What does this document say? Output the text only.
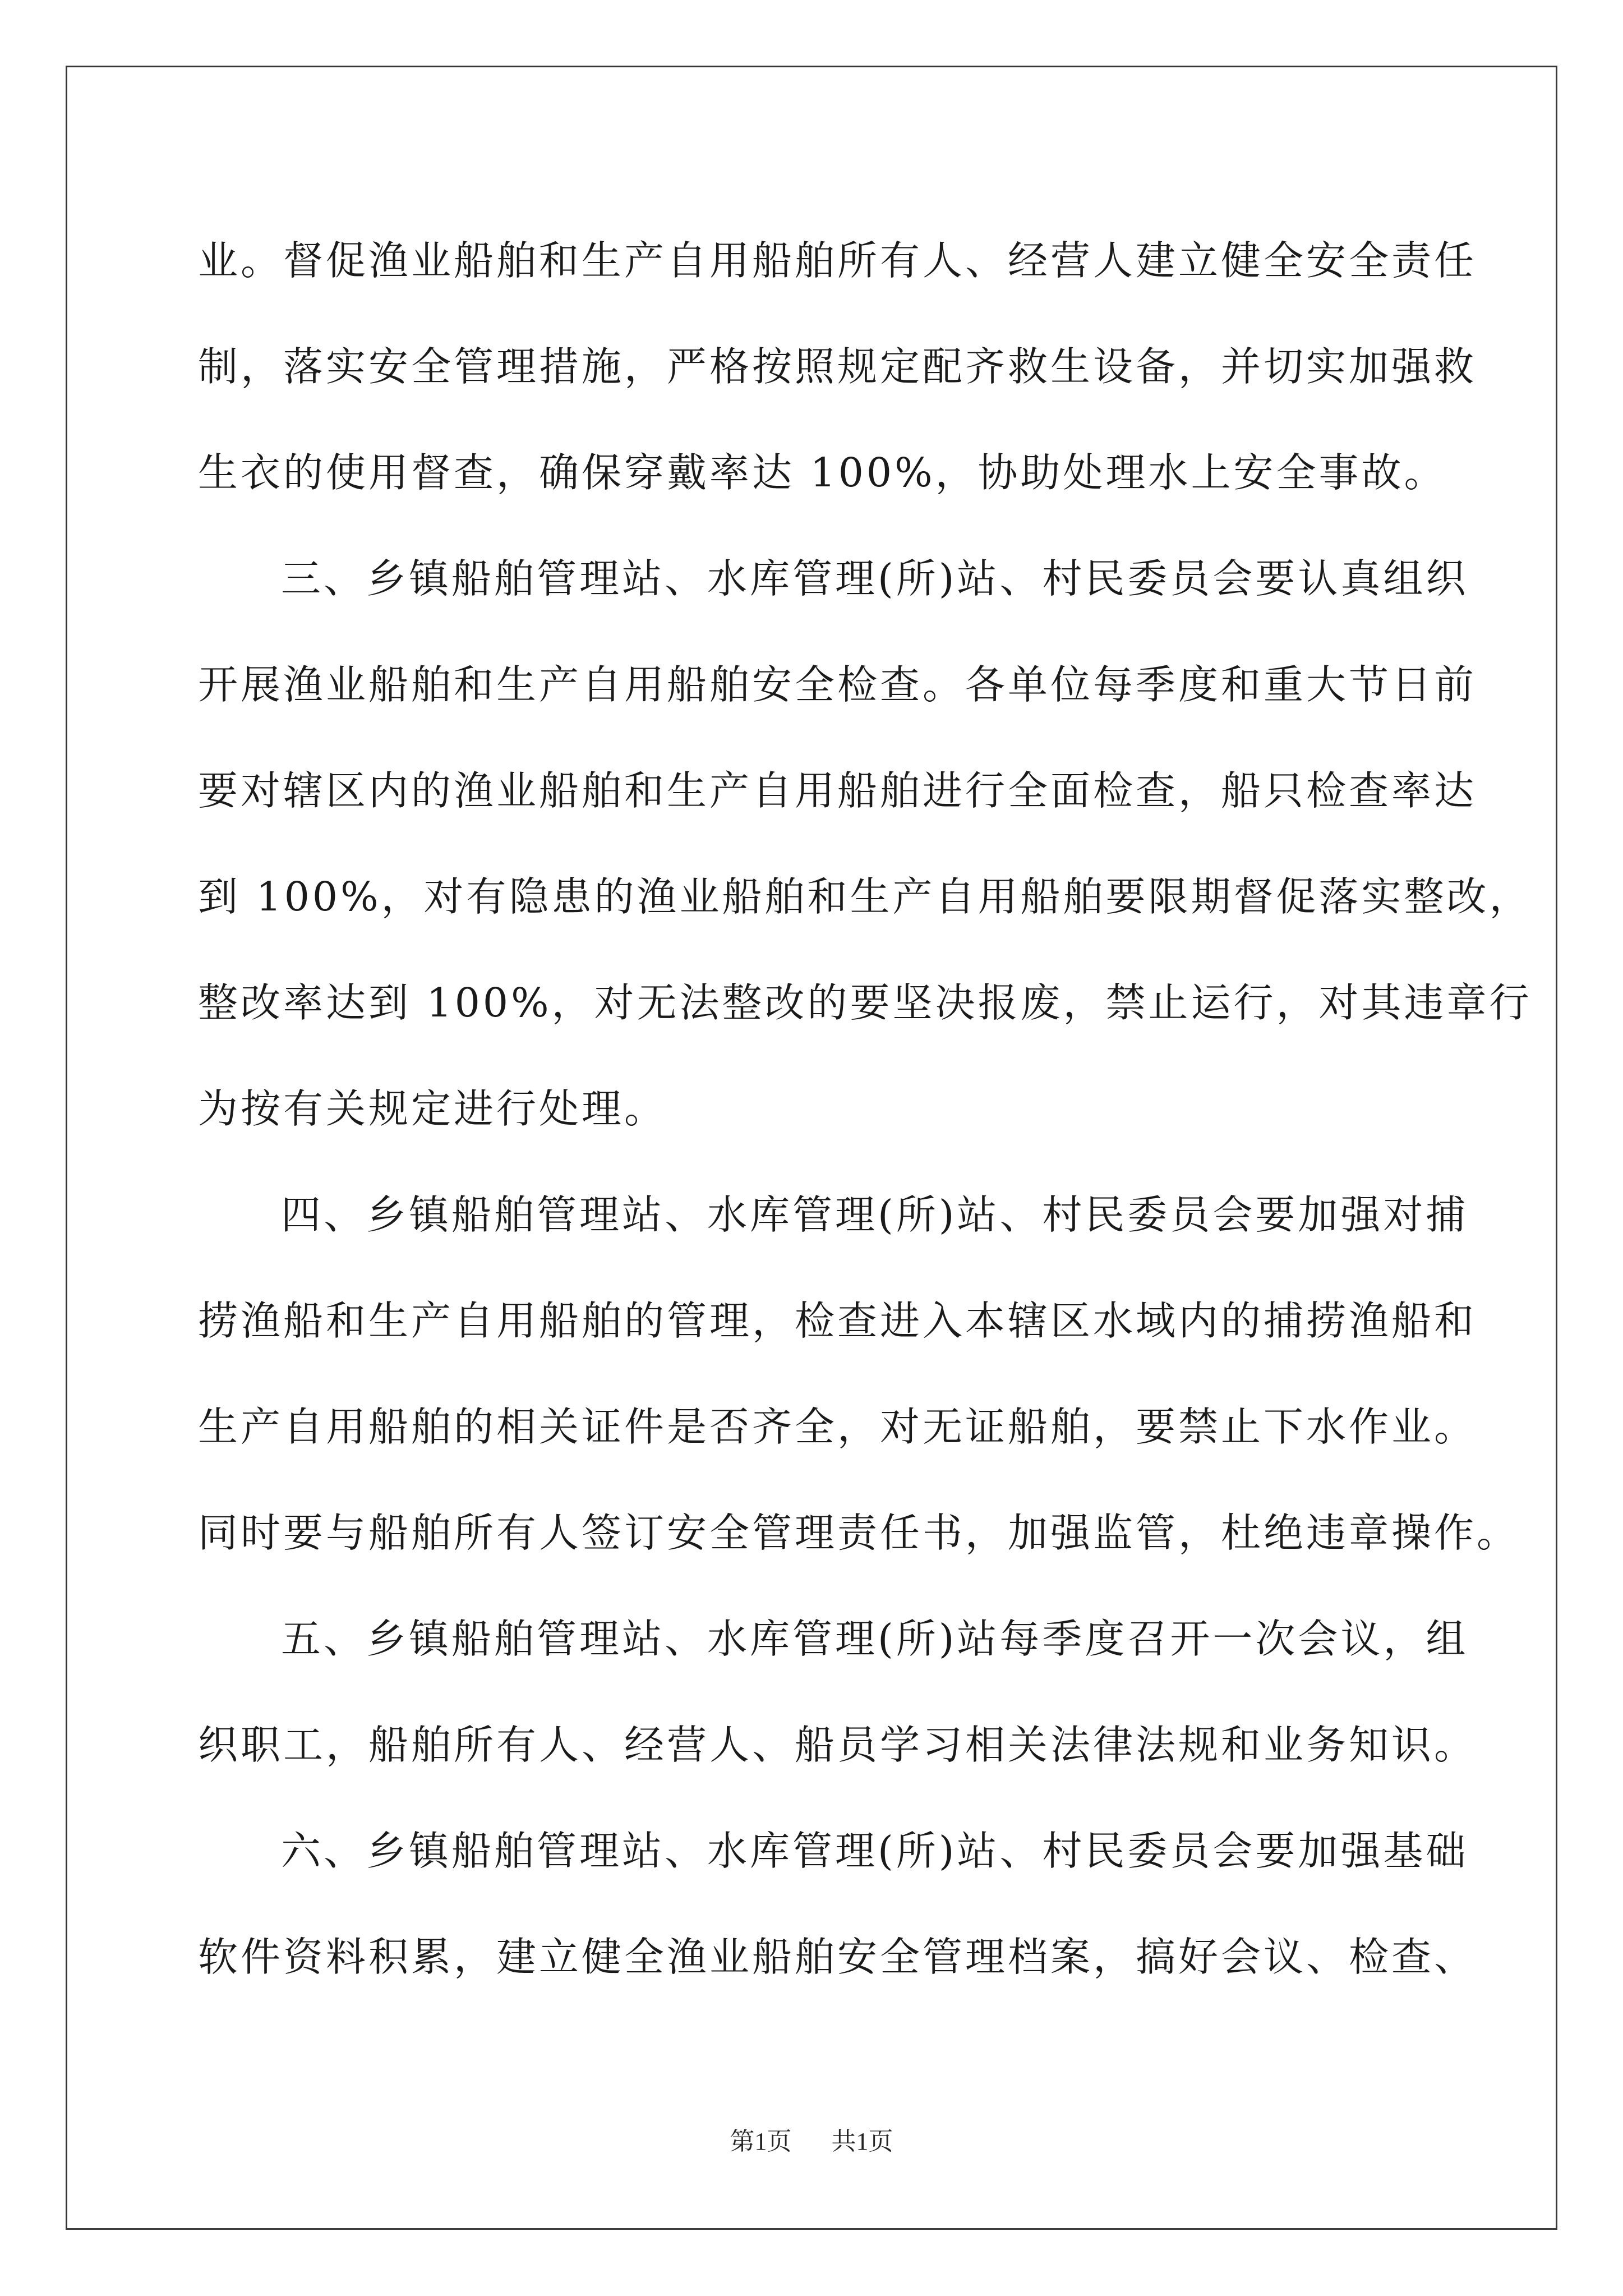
业。督促渔业船舶和生产自用船舶所有人、经营人建立健全安全责任
制，落实安全管理措施，严格按照规定配齐救生设备，并切实加强救
生衣的使用督查，确保穿戴率达 100%，协助处理水上安全事故。
三、乡镇船舶管理站、水库管理(所)站、村民委员会要认真组织
开展渔业船舶和生产自用船舶安全检查。各单位每季度和重大节日前
要对辖区内的渔业船舶和生产自用船舶进行全面检查，船只检查率达
到 100%，对有隐患的渔业船舶和生产自用船舶要限期督促落实整改，
整改率达到 100%，对无法整改的要坚决报废，禁止运行，对其违章行
为按有关规定进行处理。
四、乡镇船舶管理站、水库管理(所)站、村民委员会要加强对捕
捞渔船和生产自用船舶的管理，检查进入本辖区水域内的捕捞渔船和
生产自用船舶的相关证件是否齐全，对无证船舶，要禁止下水作业。
同时要与船舶所有人签订安全管理责任书，加强监管，杜绝违章操作。
五、乡镇船舶管理站、水库管理(所)站每季度召开一次会议，组
织职工，船舶所有人、经营人、船员学习相关法律法规和业务知识。
六、乡镇船舶管理站、水库管理(所)站、村民委员会要加强基础
软件资料积累，建立健全渔业船舶安全管理档案，搞好会议、检查、
第1页 共1页
